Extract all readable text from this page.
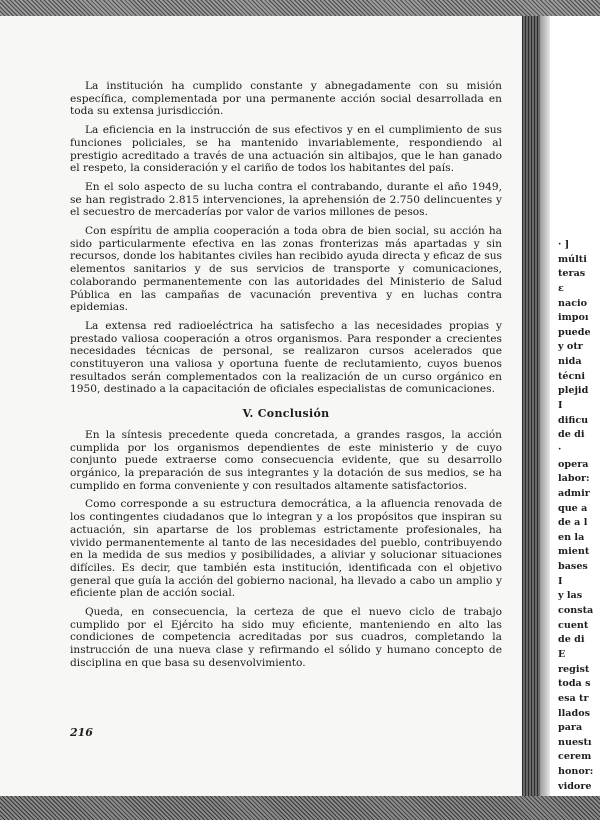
La institución ha cumplido constante y abnegadamente con su misión específica, complementada por una permanente acción social desarrollada en toda su extensa jurisdicción.

La eficiencia en la instrucción de sus efectivos y en el cumplimiento de sus funciones policiales, se ha mantenido invariablemente, respondiendo al prestigio acreditado a través de una actuación sin altibajos, que le han ganado el respeto, la consideración y el cariño de todos los habitantes del país.

En el solo aspecto de su lucha contra el contrabando, durante el año 1949, se han registrado 2.815 intervenciones, la aprehensión de 2.750 delincuentes y el secuestro de mercaderías por valor de varios millones de pesos.

Con espíritu de amplia cooperación a toda obra de bien social, su acción ha sido particularmente efectiva en las zonas fronterizas más apartadas y sin recursos, donde los habitantes civiles han recibido ayuda directa y eficaz de sus elementos sanitarios y de sus servicios de transporte y comunicaciones, colaborando permanentemente con las autoridades del Ministerio de Salud Pública en las campañas de vacunación preventiva y en luchas contra epidemias.

La extensa red radioeléctrica ha satisfecho a las necesidades propias y prestado valiosa cooperación a otros organismos. Para responder a crecientes necesidades técnicas de personal, se realizaron cursos acelerados que constituyeron una valiosa y oportuna fuente de reclutamiento, cuyos buenos resultados serán complementados con la realización de un curso orgánico en 1950, destinado a la capacitación de oficiales especialistas de comunicaciones.

V. Conclusión

En la síntesis precedente queda concretada, a grandes rasgos, la acción cumplida por los organismos dependientes de este ministerio y de cuyo conjunto puede extraerse como consecuencia evidente, que su desarrollo orgánico, la preparación de sus integrantes y la dotación de sus medios, se ha cumplido en forma conveniente y con resultados altamente satisfactorios.

Como corresponde a su estructura democrática, a la afluencia renovada de los contingentes ciudadanos que lo integran y a los propósitos que inspiran su actuación, sin apartarse de los problemas estrictamente profesionales, ha vivido permanentemente al tanto de las necesidades del pueblo, contribuyendo en la medida de sus medios y posibilidades, a aliviar y solucionar situaciones difíciles. Es decir, que también esta institución, identificada con el objetivo general que guía la acción del gobierno nacional, ha llevado a cabo un amplio y eficiente plan de acción social.

Queda, en consecuencia, la certeza de que el nuevo ciclo de trabajo cumplido por el Ejército ha sido muy eficiente, manteniendo en alto las condiciones de competencia acreditadas por sus cuadros, completando la instrucción de una nueva clase y refirmando el sólido y humano concepto de disciplina en que basa su desenvolvimiento.

216
· ]
múlti
teras
ε
nacio
impoı
puede
y otr
nida
técni
plejid
I
dificu
de di
·
opera
labor:
admir
que a
de a l
en la
mient
bases
I
y las
consta
cuent
de di
E
regist
toda s
esa tr
llados
para
nuestı
cerem
honor:
vidore
